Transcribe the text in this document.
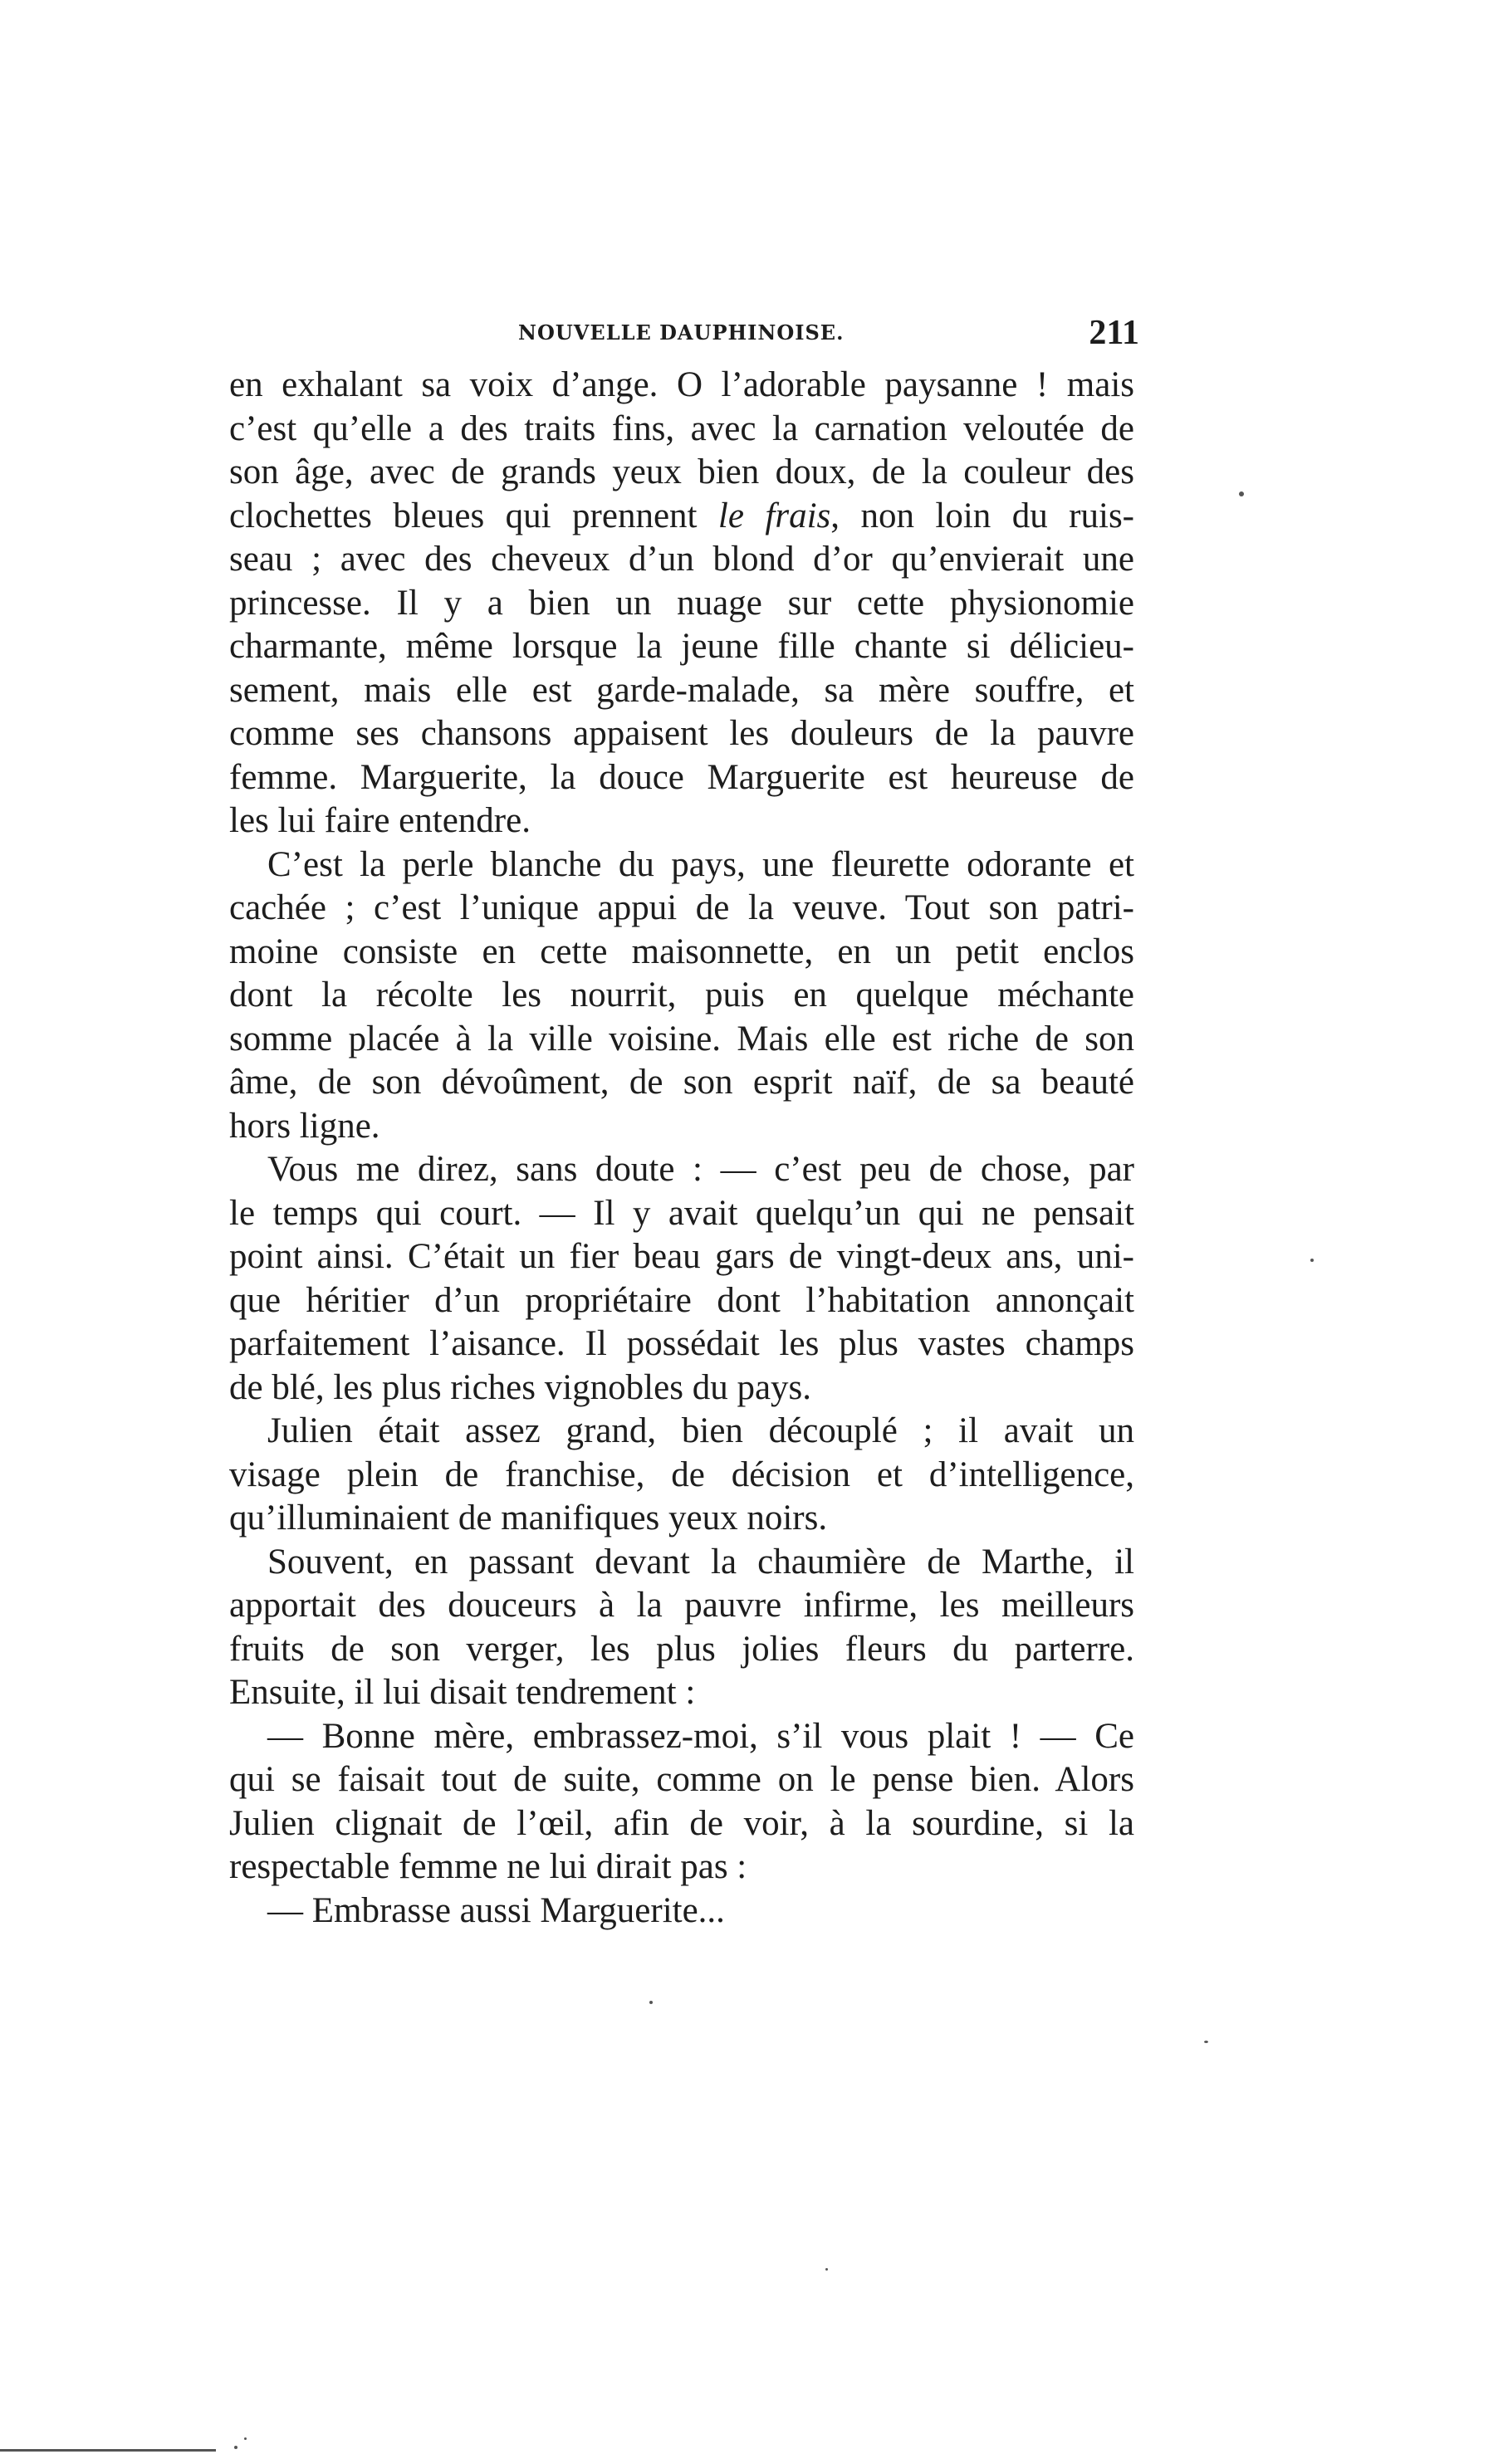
NOUVELLE DAUPHINOISE.	211
en exhalant sa voix d’ange. O l’adorable paysanne ! mais
c’est qu’elle a des traits fins, avec la carnation veloutée de
son âge, avec de grands yeux bien doux, de la couleur des
clochettes bleues qui prennent le frais, non loin du ruis-
seau ; avec des cheveux d’un blond d’or qu’envierait une
princesse. Il y a bien un nuage sur cette physionomie
charmante, même lorsque la jeune fille chante si délicieu-
sement, mais elle est garde-malade, sa mère souffre, et
comme ses chansons appaisent les douleurs de la pauvre
femme. Marguerite, la douce Marguerite est heureuse de
les lui faire entendre.
C’est la perle blanche du pays, une fleurette odorante et
cachée ; c’est l’unique appui de la veuve. Tout son patri-
moine consiste en cette maisonnette, en un petit enclos
dont la récolte les nourrit, puis en quelque méchante
somme placée à la ville voisine. Mais elle est riche de son
âme, de son dévoûment, de son esprit naïf, de sa beauté
hors ligne.
Vous me direz, sans doute : — c’est peu de chose, par
le temps qui court. — Il y avait quelqu’un qui ne pensait
point ainsi. C’était un fier beau gars de vingt-deux ans, uni-
que héritier d’un propriétaire dont l’habitation annonçait
parfaitement l’aisance. Il possédait les plus vastes champs
de blé, les plus riches vignobles du pays.
Julien était assez grand, bien découplé ; il avait un
visage plein de franchise, de décision et d’intelligence,
qu’illuminaient de manifiques yeux noirs.
Souvent, en passant devant la chaumière de Marthe, il
apportait des douceurs à la pauvre infirme, les meilleurs
fruits de son verger, les plus jolies fleurs du parterre.
Ensuite, il lui disait tendrement :
— Bonne mère, embrassez-moi, s’il vous plait ! — Ce
qui se faisait tout de suite, comme on le pense bien. Alors
Julien clignait de l’œil, afin de voir, à la sourdine, si la
respectable femme ne lui dirait pas :
— Embrasse aussi Marguerite...
